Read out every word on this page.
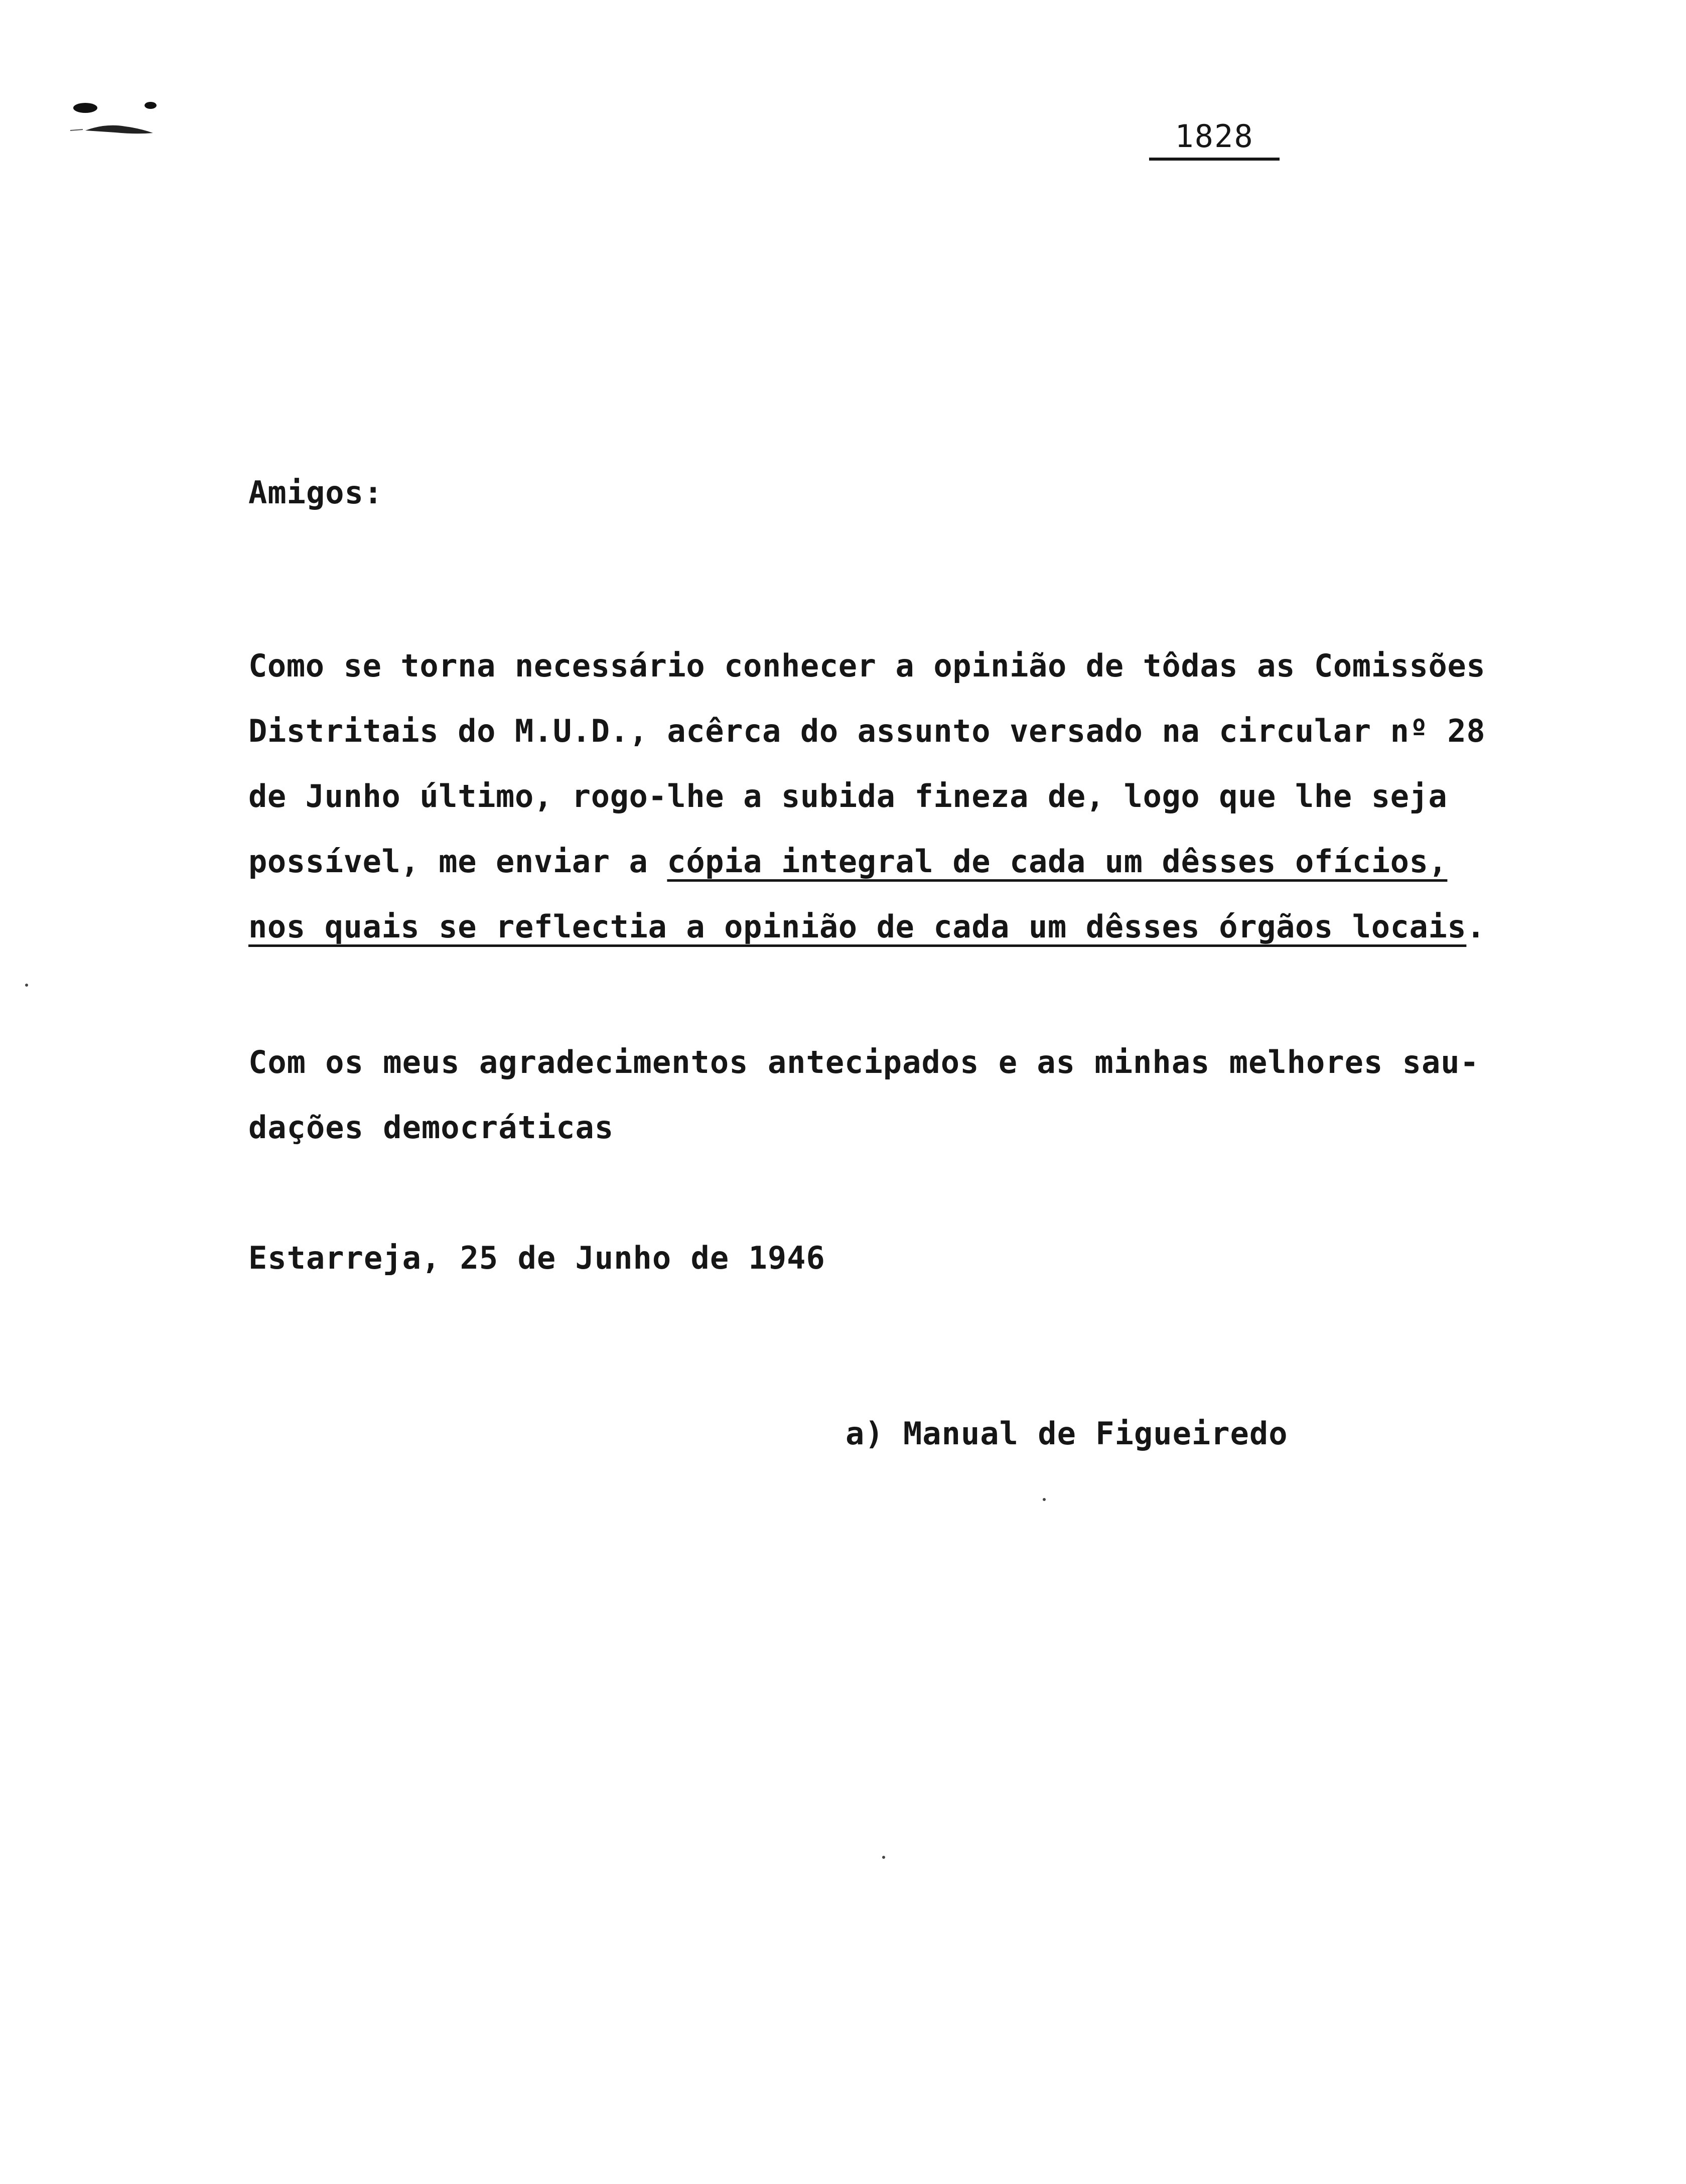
1828
Amigos:
Como se torna necessário conhecer a opinião de tôdas as Comissões
Distritais do M.U.D., acêrca do assunto versado na circular nº 28
de Junho último, rogo-lhe a subida fineza de, logo que lhe seja
possível, me enviar a cópia integral de cada um dêsses ofícios,
nos quais se reflectia a opinião de cada um dêsses órgãos locais.
Com os meus agradecimentos antecipados e as minhas melhores sau-
dações democráticas
Estarreja, 25 de Junho de 1946
a) Manual de Figueiredo
